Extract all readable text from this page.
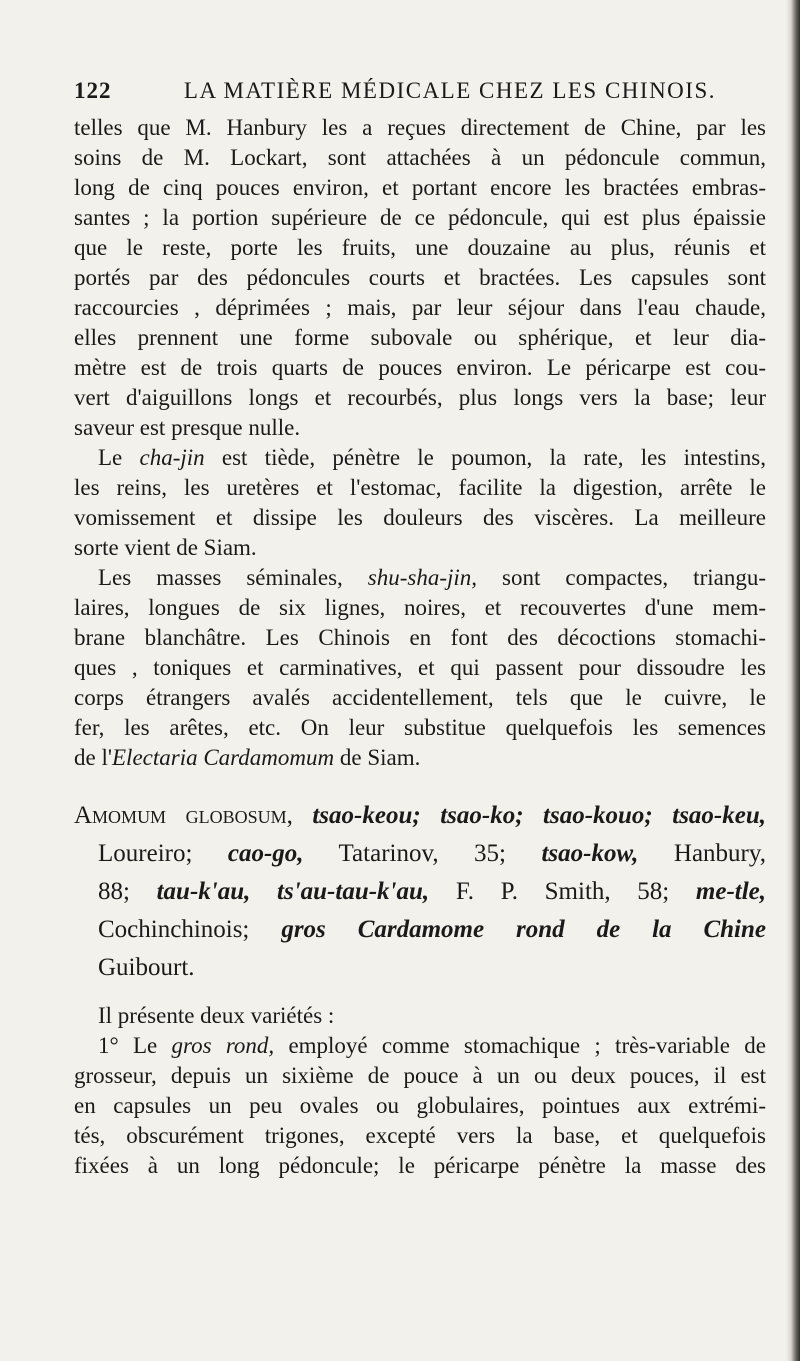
122	LA MATIÈRE MÉDICALE CHEZ LES CHINOIS.
telles que M. Hanbury les a reçues directement de Chine, par les
soins de M. Lockart, sont attachées à un pédoncule commun,
long de cinq pouces environ, et portant encore les bractées embras-
santes ; la portion supérieure de ce pédoncule, qui est plus épaissie
que le reste, porte les fruits, une douzaine au plus, réunis et
portés par des pédoncules courts et bractées. Les capsules sont
raccourcies , déprimées ; mais, par leur séjour dans l'eau chaude,
elles prennent une forme subovale ou sphérique, et leur dia-
mètre est de trois quarts de pouces environ. Le péricarpe est cou-
vert d'aiguillons longs et recourbés, plus longs vers la base; leur
saveur est presque nulle.
Le cha-jin est tiède, pénètre le poumon, la rate, les intestins,
les reins, les uretères et l'estomac, facilite la digestion, arrête le
vomissement et dissipe les douleurs des viscères. La meilleure
sorte vient de Siam.
Les masses séminales, shu-sha-jin, sont compactes, triangu-
laires, longues de six lignes, noires, et recouvertes d'une mem-
brane blanchâtre. Les Chinois en font des décoctions stomachi-
ques , toniques et carminatives, et qui passent pour dissoudre les
corps étrangers avalés accidentellement, tels que le cuivre, le
fer, les arêtes, etc. On leur substitue quelquefois les semences
de l'Electaria Cardamomum de Siam.
Amomum globosum, tsao-keou; tsao-ko; tsao-kouo; tsao-keu,
Loureiro; cao-go, Tatarinov, 35; tsao-kow, Hanbury,
88; tau-k'au, ts'au-tau-k'au, F. P. Smith, 58; me-tle,
Cochinchinois; gros Cardamome rond de la Chine
Guibourt.
Il présente deux variétés :
1° Le gros rond, employé comme stomachique ; très-variable de
grosseur, depuis un sixième de pouce à un ou deux pouces, il est
en capsules un peu ovales ou globulaires, pointues aux extrémi-
tés, obscurément trigones, excepté vers la base, et quelquefois
fixées à un long pédoncule; le péricarpe pénètre la masse des
